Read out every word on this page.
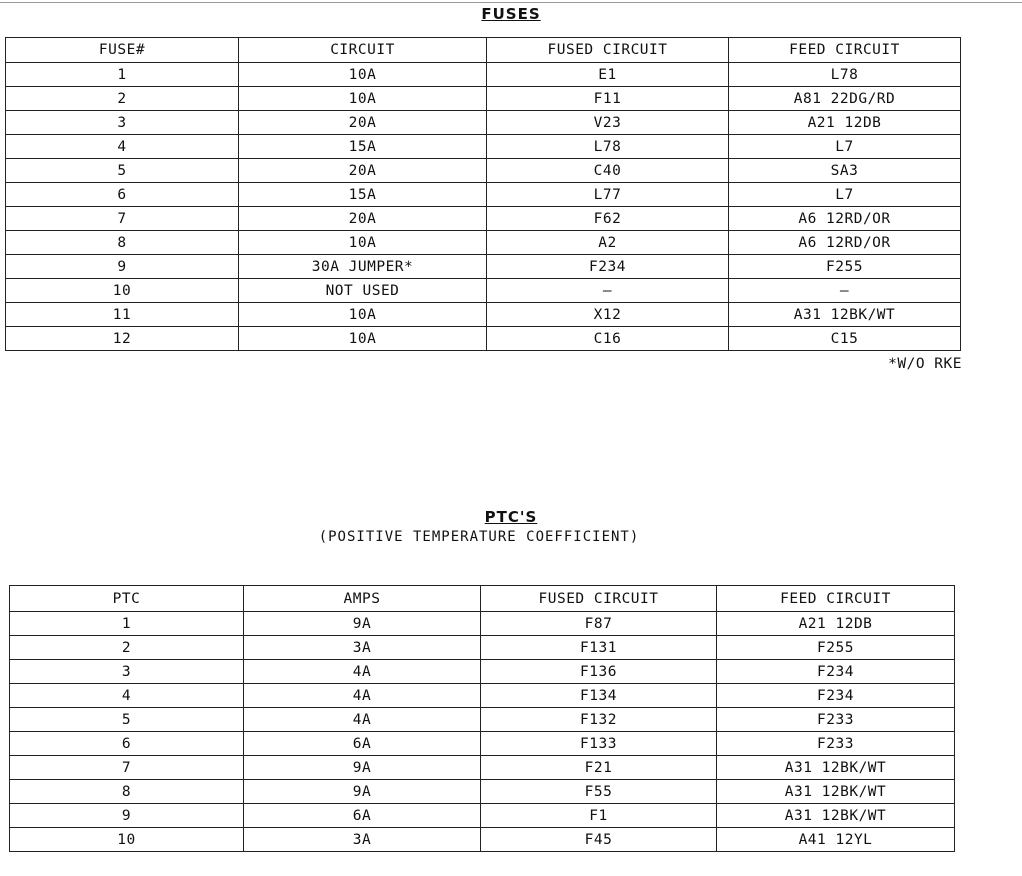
FUSES
FUSE#	CIRCUIT	FUSED CIRCUIT	FEED CIRCUIT
1	10A	E1	L78
2	10A	F11	A81 22DG/RD
3	20A	V23	A21 12DB
4	15A	L78	L7
5	20A	C40	SA3
6	15A	L77	L7
7	20A	F62	A6 12RD/OR
8	10A	A2	A6 12RD/OR
9	30A JUMPER*	F234	F255
10	NOT USED	–	–
11	10A	X12	A31 12BK/WT
12	10A	C16	C15
*W/O RKE
PTC'S
(POSITIVE TEMPERATURE COEFFICIENT)
PTC	AMPS	FUSED CIRCUIT	FEED CIRCUIT
1	9A	F87	A21 12DB
2	3A	F131	F255
3	4A	F136	F234
4	4A	F134	F234
5	4A	F132	F233
6	6A	F133	F233
7	9A	F21	A31 12BK/WT
8	9A	F55	A31 12BK/WT
9	6A	F1	A31 12BK/WT
10	3A	F45	A41 12YL
